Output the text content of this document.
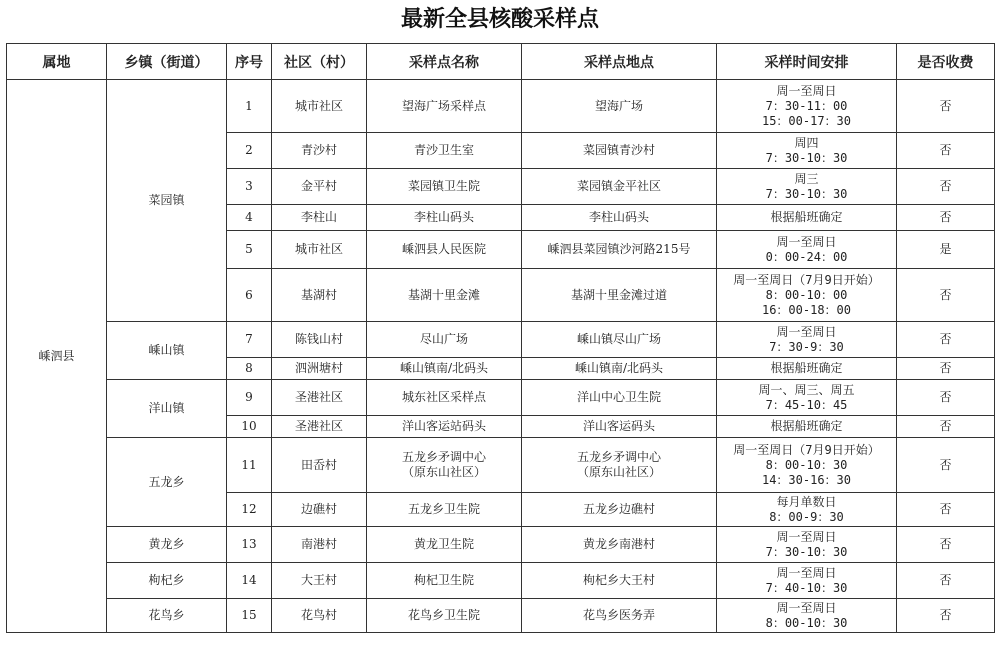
最新全县核酸采样点
属地	乡镇（街道）	序号	社区（村）	采样点名称	采样点地点	采样时间安排	是否收费
嵊泗县	菜园镇	1	城市社区	望海广场采样点	望海广场	周一至周日
7：30-11：00
15：00-17：30	否
		2	青沙村	青沙卫生室	菜园镇青沙村	周四
7：30-10：30	否
		3	金平村	菜园镇卫生院	菜园镇金平社区	周三
7：30-10：30	否
		4	李柱山	李柱山码头	李柱山码头	根据船班确定	否
		5	城市社区	嵊泗县人民医院	嵊泗县菜园镇沙河路215号	周一至周日
0：00-24：00	是
		6	基湖村	基湖十里金滩	基湖十里金滩过道	周一至周日（7月9日开始）
8：00-10：00
16：00-18：00	否
	嵊山镇	7	陈钱山村	尽山广场	嵊山镇尽山广场	周一至周日
7：30-9：30	否
		8	泗洲塘村	嵊山镇南/北码头	嵊山镇南/北码头	根据船班确定	否
	洋山镇	9	圣港社区	城东社区采样点	洋山中心卫生院	周一、周三、周五
7：45-10：45	否
		10	圣港社区	洋山客运站码头	洋山客运码头	根据船班确定	否
	五龙乡	11	田岙村	五龙乡矛调中心
（原东山社区）	五龙乡矛调中心
（原东山社区）	周一至周日（7月9日开始）
8：00-10：30
14：30-16：30	否
		12	边礁村	五龙乡卫生院	五龙乡边礁村	每月单数日
8：00-9：30	否
	黄龙乡	13	南港村	黄龙卫生院	黄龙乡南港村	周一至周日
7：30-10：30	否
	枸杞乡	14	大王村	枸杞卫生院	枸杞乡大王村	周一至周日
7：40-10：30	否
	花鸟乡	15	花鸟村	花鸟乡卫生院	花鸟乡医务弄	周一至周日
8：00-10：30	否
